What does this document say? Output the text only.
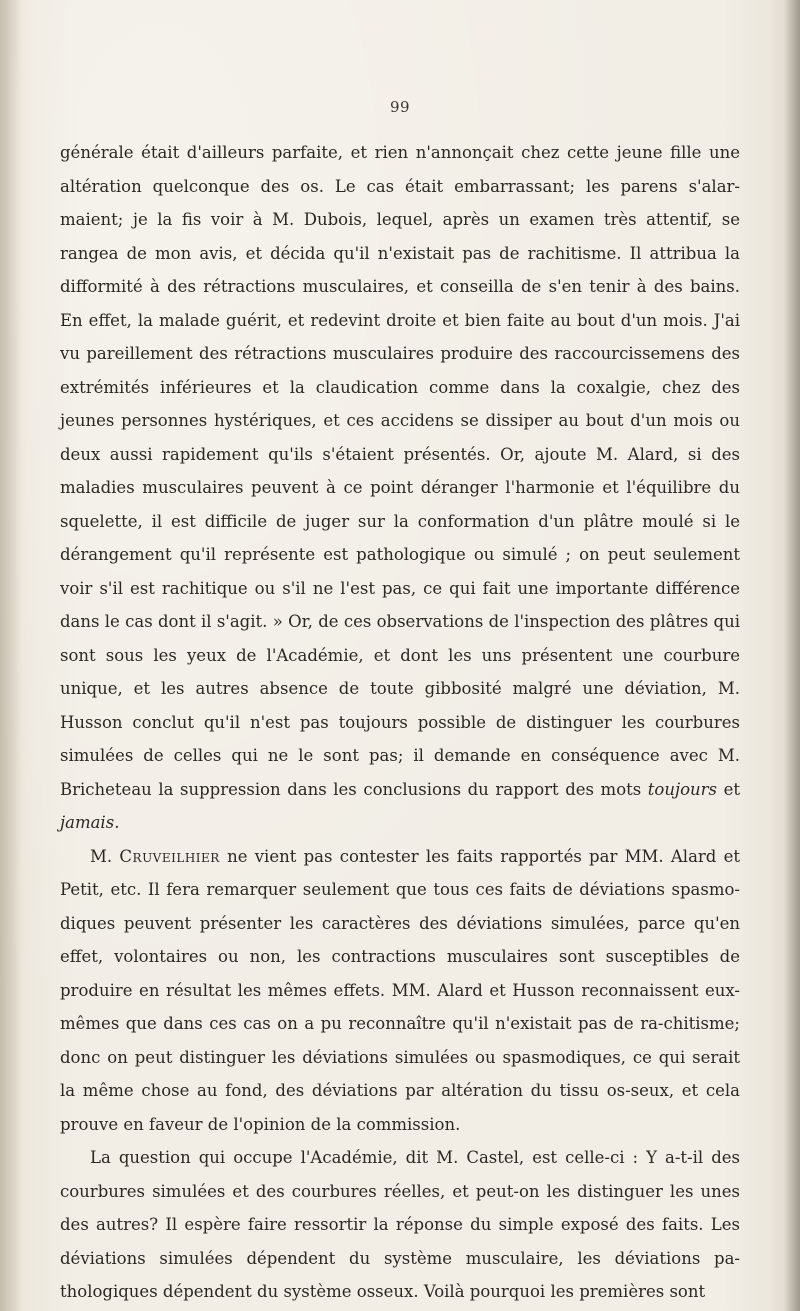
99

générale était d'ailleurs parfaite, et rien n'annonçait chez cette jeune fille une altération quelconque des os. Le cas était embarrassant; les parens s'alar-maient; je la fis voir à M. Dubois, lequel, après un examen très attentif, se rangea de mon avis, et décida qu'il n'existait pas de rachitisme. Il attribua la difformité à des rétractions musculaires, et conseilla de s'en tenir à des bains. En effet, la malade guérit, et redevint droite et bien faite au bout d'un mois. J'ai vu pareillement des rétractions musculaires produire des raccourcissemens des extrémités inférieures et la claudication comme dans la coxalgie, chez des jeunes personnes hystériques, et ces accidens se dissiper au bout d'un mois ou deux aussi rapidement qu'ils s'étaient présentés. Or, ajoute M. Alard, si des maladies musculaires peuvent à ce point déranger l'harmonie et l'équilibre du squelette, il est difficile de juger sur la conformation d'un plâtre moulé si le dérangement qu'il représente est pathologique ou simulé ; on peut seulement voir s'il est rachitique ou s'il ne l'est pas, ce qui fait une importante différence dans le cas dont il s'agit. » Or, de ces observations de l'inspection des plâtres qui sont sous les yeux de l'Académie, et dont les uns présentent une courbure unique, et les autres absence de toute gibbosité malgré une déviation, M. Husson conclut qu'il n'est pas toujours possible de distinguer les courbures simulées de celles qui ne le sont pas; il demande en conséquence avec M. Bricheteau la suppression dans les conclusions du rapport des mots toujours et jamais.

M. Cruveilhier ne vient pas contester les faits rapportés par MM. Alard et Petit, etc. Il fera remarquer seulement que tous ces faits de déviations spasmo-diques peuvent présenter les caractères des déviations simulées, parce qu'en effet, volontaires ou non, les contractions musculaires sont susceptibles de produire en résultat les mêmes effets. MM. Alard et Husson reconnaissent eux-mêmes que dans ces cas on a pu reconnaître qu'il n'existait pas de ra-chitisme; donc on peut distinguer les déviations simulées ou spasmodiques, ce qui serait la même chose au fond, des déviations par altération du tissu os-seux, et cela prouve en faveur de l'opinion de la commission.

La question qui occupe l'Académie, dit M. Castel, est celle-ci : Y a-t-il des courbures simulées et des courbures réelles, et peut-on les distinguer les unes des autres? Il espère faire ressortir la réponse du simple exposé des faits. Les déviations simulées dépendent du système musculaire, les déviations pa-thologiques dépendent du système osseux. Voilà pourquoi les premières sont
